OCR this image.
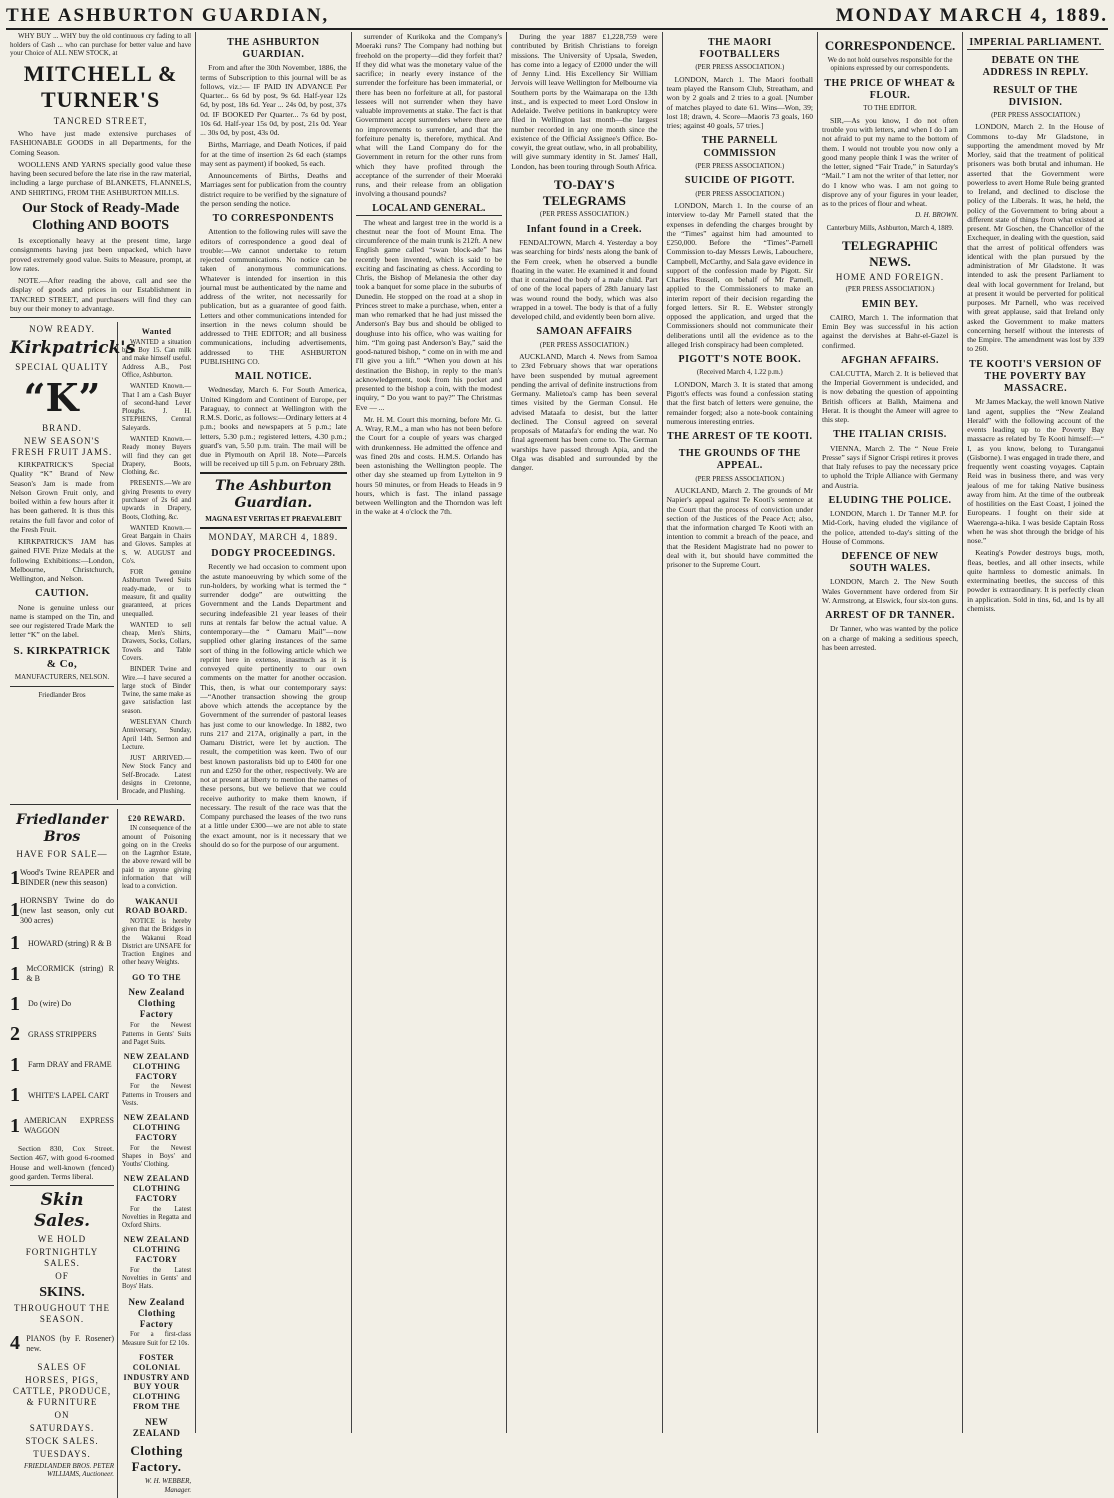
THE ASHBURTON GUARDIAN,	MONDAY MARCH 4, 1889.

WHY BUY ... WHY buy the old continuous cry fading to all holders of Cash ... who can purchase for better value and have your Choice of ALL NEW STOCK, at

MITCHELL & TURNER'S
TANCRED STREET,

Who have just made extensive purchases of FASHIONABLE GOODS in all Departments, for the Coming Season.

WOOLLENS AND YARNS specially good value these having been secured before the late rise in the raw material, including a large purchase of BLANKETS, FLANNELS, AND SHIRTING, FROM THE ASHBURTON MILLS.

Our Stock of Ready-Made Clothing AND BOOTS

Is exceptionally heavy at the present time, large consignments having just been unpacked, which have proved extremely good value. Suits to Measure, prompt, at low rates.

NOTE.—After reading the above, call and see the display of goods and prices in our Establishment in TANCRED STREET, and purchasers will find they can buy our their money to advantage.

NOW READY.
Kirkpatrick's
SPECIAL QUALITY
“K”
BRAND.
NEW SEASON'S FRESH FRUIT JAMS.

KIRKPATRICK'S Special Quality “K” Brand of New Season's Jam is made from Nelson Grown Fruit only, and boiled within a few hours after it has been gathered. It is thus this retains the full favor and color of the Fresh Fruit.

KIRKPATRICK'S JAM has gained FIVE Prize Medals at the following Exhibitions:—London, Melbourne, Christchurch, Wellington, and Nelson.

CAUTION.

None is genuine unless our name is stamped on the Tin, and see our registered Trade Mark the letter “K” on the label.

S. KIRKPATRICK & Co,
MANUFACTURERS, NELSON.
Friedlander Bros
Wanted

WANTED a situation by a Boy 15. Can milk and make himself useful. Address A.B., Post Office, Ashburton.

WANTED Known.—That I am a Cash Buyer of second-hand Lever Ploughs. J. H. STEPHENS, Central Saleyards.

WANTED Known.—Ready money Buyers will find they can get Drapery, Boots, Clothing, &c.

PRESENTS.—We are giving Presents to every purchaser of 2s 6d and upwards in Drapery, Boots, Clothing, &c.

WANTED Known.—Great Bargain in Chairs and Gloves. Samples at S. W. AUGUST and Co's.

FOR genuine Ashburton Tweed Suits ready-made, or to measure, fit and quality guaranteed, at prices unequalled.

WANTED to sell cheap, Men's Shirts, Drawers, Socks, Collars, Towels and Table Covers.

BINDER Twine and Wire.—I have secured a large stock of Binder Twine, the same make as gave satisfaction last season.

WESLEYAN Church Anniversary, Sunday, April 14th. Sermon and Lecture.

JUST ARRIVED.—New Stock Fancy and Self-Brocade. Latest designs in Cretonne, Brocade, and Plushing.

Friedlander Bros
HAVE FOR SALE—
1 Wood's Twine REAPER and BINDER (new this season)
1 HORNSBY Twine do do (new last season, only cut 300 acres)
1	HOWARD (string) R & B
1 McCORMICK (string) R & B
1	Do (wire) Do
2	GRASS STRIPPERS
1	Farm DRAY and FRAME
1	WHITE'S LAPEL CART
1 AMERICAN EXPRESS WAGGON

Section 830, Cox Street. Section 467, with good 6-roomed House and well-known (fenced) good garden. Terms liberal.

Skin Sales.
WE HOLD
FORTNIGHTLY SALES.
OF
SKINS.
THROUGHOUT THE SEASON.
4 PIANOS (by F. Rosener) new.
SALES OF
HORSES, PIGS, CATTLE, PRODUCE, & FURNITURE
ON
SATURDAYS.
STOCK SALES.
TUESDAYS.
FRIEDLANDER BROS. PETER WILLIAMS, Auctioneer.
£20 REWARD.

IN consequence of the amount of Poisoning going on in the Creeks on the Lagmhor Estate, the above reward will be paid to anyone giving information that will lead to a conviction.

WAKANUI ROAD BOARD.

NOTICE is hereby given that the Bridges in the Wakanui Road District are UNSAFE for Traction Engines and other heavy Weights.

GO TO THE
New Zealand Clothing Factory

For the Newest Patterns in Gents' Suits and Paget Suits.

NEW ZEALAND CLOTHING FACTORY

For the Newest Patterns in Trousers and Vests.

NEW ZEALAND CLOTHING FACTORY

For the Newest Shapes in Boys' and Youths' Clothing.

NEW ZEALAND CLOTHING FACTORY

For the Latest Novelties in Regatta and Oxford Shirts.

NEW ZEALAND CLOTHING FACTORY

For the Latest Novelties in Gents' and Boys' Hats.

New Zealand Clothing Factory

For a first-class Measure Suit for £2 10s.

FOSTER COLONIAL INDUSTRY AND BUY YOUR CLOTHING FROM THE
NEW ZEALAND
Clothing Factory.
W. H. WEBBER, Manager.
THE ASHBURTON GUARDIAN.

From and after the 30th November, 1886, the terms of Subscription to this journal will be as follows, viz.:— IF PAID IN ADVANCE Per Quarter... 6s 6d by post, 9s 6d. Half-year 12s 6d, by post, 18s 6d. Year ... 24s 0d, by post, 37s 0d. IF BOOKED Per Quarter... 7s 6d by post, 10s 6d. Half-year 15s 0d, by post, 21s 0d. Year ... 30s 0d, by post, 43s 0d.

Births, Marriage, and Death Notices, if paid for at the time of insertion 2s 6d each (stamps may sent as payment) if booked, 5s each.

Announcements of Births, Deaths and Marriages sent for publication from the country district require to be verified by the signature of the person sending the notice.

TO CORRESPONDENTS

Attention to the following rules will save the editors of correspondence a good deal of trouble:—We cannot undertake to return rejected communications. No notice can be taken of anonymous communications. Whatever is intended for insertion in this journal must be authenticated by the name and address of the writer, not necessarily for publication, but as a guarantee of good faith. Letters and other communications intended for insertion in the news column should be addressed to THE EDITOR; and all business communications, including advertisements, addressed to THE ASHBURTON PUBLISHING CO.

MAIL NOTICE.

Wednesday, March 6. For South America, United Kingdom and Continent of Europe, per Paraguay, to connect at Wellington with the R.M.S. Doric, as follows:—Ordinary letters at 4 p.m.; books and newspapers at 5 p.m.; late letters, 5.30 p.m.; registered letters, 4.30 p.m.; guard's van, 5.50 p.m. train. The mail will be due in Plymouth on April 18. Note—Parcels will be received up till 5 p.m. on February 28th.

The Ashburton Guardian.
MAGNA EST VERITAS ET PRAEVALEBIT
MONDAY, MARCH 4, 1889.
DODGY PROCEEDINGS.

Recently we had occasion to comment upon the astute manoeuvring by which some of the run-holders, by working what is termed the “ surrender dodge” are outwitting the Government and the Lands Department and securing indefeasible 21 year leases of their runs at rentals far below the actual value. A contemporary—the “ Oamaru Mail”—now supplied other glaring instances of the same sort of thing in the following article which we reprint here in extenso, inasmuch as it is conveyed quite pertinently to our own comments on the matter for another occasion. This, then, is what our contemporary says:—“Another transaction showing the group above which attends the acceptance by the Government of the surrender of pastoral leases has just come to our knowledge. In 1882, two runs 217 and 217A, originally a part, in the Oamaru District, were let by auction. The result, the competition was keen. Two of our best known pastoralists bid up to £400 for one run and £250 for the other, respectively. We are not at present at liberty to mention the names of these persons, but we believe that we could receive authority to make them known, if necessary. The result of the race was that the Company purchased the leases of the two runs at a little under £300—we are not able to state the exact amount, nor is it necessary that we should do so for the purpose of our argument.

surrender of Kurikoka and the Company's Moeraki runs? The Company had nothing but freehold on the property—did they forfeit that? If they did what was the monetary value of the sacrifice; in nearly every instance of the surrender the forfeiture has been immaterial, or there has been no forfeiture at all, for pastoral lessees will not surrender when they have valuable improvements at stake. The fact is that Government accept surrenders where there are no improvements to surrender, and that the forfeiture penalty is, therefore, mythical. And what will the Land Company do for the Government in return for the other runs from which they have profited through the acceptance of the surrender of their Moeraki runs, and their release from an obligation involving a thousand pounds?

LOCAL AND GENERAL.

The wheat and largest tree in the world is a chestnut near the foot of Mount Etna. The circumference of the main trunk is 212ft. A new English game called “swan block-ade” has recently been invented, which is said to be exciting and fascinating as chess. According to Chris, the Bishop of Melanesia the other day took a banquet for some place in the suburbs of Dunedin. He stopped on the road at a shop in Princes street to make a purchase, when, enter a man who remarked that he had just missed the Anderson's Bay bus and should be obliged to doughuse into his office, who was waiting for him. “I'm going past Anderson's Bay,” said the good-natured bishop, “ come on in with me and I'll give you a lift.” “When you down at his destination the Bishop, in reply to the man's acknowledgement, took from his pocket and presented to the bishop a coin, with the modest inquiry, “ Do you want to pay?” The Christmas Eve — ...

Mr. H. M. Court this morning, before Mr. G. A. Wray, R.M., a man who has not been before the Court for a couple of years was charged with drunkenness. He admitted the offence and was fined 20s and costs. H.M.S. Orlando has been astonishing the Wellington people. The other day she steamed up from Lyttelton in 9 hours 50 minutes, or from Heads to Heads in 9 hours, which is fast. The inland passage between Wellington and the Thorndon was left in the wake at 4 o'clock the 7th.

During the year 1887 £1,228,759 were contributed by British Christians to foreign missions. The University of Upsala, Sweden, has come into a legacy of £2000 under the will of Jenny Lind. His Excellency Sir William Jervois will leave Wellington for Melbourne via Southern ports by the Waimarapa on the 13th inst., and is expected to meet Lord Onslow in Adelaide. Twelve petitions in bankruptcy were filed in Wellington last month—the largest number recorded in any one month since the existence of the Official Assignee's Office. Bo-cowyit, the great outlaw, who, in all probability, will give summary identity in St. James' Hall, London, has been touring through South Africa.

TO-DAY'S TELEGRAMS
(PER PRESS ASSOCIATION.)
Infant found in a Creek.

FENDALTOWN, March 4. Yesterday a boy was searching for birds' nests along the bank of the Fern creek, when he observed a bundle floating in the water. He examined it and found that it contained the body of a male child. Part of one of the local papers of 28th January last was wound round the body, which was also wrapped in a towel. The body is that of a fully developed child, and evidently been born alive.

SAMOAN AFFAIRS
(PER PRESS ASSOCIATION.)

AUCKLAND, March 4. News from Samoa to 23rd February shows that war operations have been suspended by mutual agreement pending the arrival of definite instructions from Germany. Malietoa's camp has been several times visited by the German Consul. He advised Mataafa to desist, but the latter declined. The Consul agreed on several proposals of Mataafa's for ending the war. No final agreement has been come to. The German warships have passed through Apia, and the Olga was disabled and surrounded by the danger.

THE MAORI FOOTBALLERS
(PER PRESS ASSOCIATION.)

LONDON, March 1. The Maori football team played the Ransom Club, Streatham, and won by 2 goals and 2 tries to a goal. [Number of matches played to date 61. Wins—Won, 39; lost 18; drawn, 4. Score—Maoris 73 goals, 160 tries; against 40 goals, 57 tries.]

THE PARNELL COMMISSION
(PER PRESS ASSOCIATION.)
SUICIDE OF PIGOTT.
(PER PRESS ASSOCIATION.)

LONDON, March 1. In the course of an interview to-day Mr Parnell stated that the expenses in defending the charges brought by the “Times” against him had amounted to £250,000. Before the “Times”-Parnell Commission to-day Messrs Lewis, Labouchere, Campbell, McCarthy, and Sala gave evidence in support of the confession made by Pigott. Sir Charles Russell, on behalf of Mr Parnell, applied to the Commissioners to make an interim report of their decision regarding the forged letters. Sir R. E. Webster strongly opposed the application, and urged that the Commissioners should not communicate their deliberations until all the evidence as to the alleged Irish conspiracy had been completed.

PIGOTT'S NOTE BOOK.
(Received March 4, 1.22 p.m.)

LONDON, March 3. It is stated that among Pigott's effects was found a confession stating that the first batch of letters were genuine, the remainder forged; also a note-book containing numerous interesting entries.

THE ARREST OF TE KOOTI.
THE GROUNDS OF THE APPEAL.
(PER PRESS ASSOCIATION.)

AUCKLAND, March 2. The grounds of Mr Napier's appeal against Te Kooti's sentence at the Court that the process of conviction under section of the Justices of the Peace Act; also, that the information charged Te Kooti with an intention to commit a breach of the peace, and that the Resident Magistrate had no power to deal with it, but should have committed the prisoner to the Supreme Court.

CORRESPONDENCE.
We do not hold ourselves responsible for the opinions expressed by our correspondents.
THE PRICE OF WHEAT & FLOUR.
TO THE EDITOR.

SIR,—As you know, I do not often trouble you with letters, and when I do I am not afraid to put my name to the bottom of them. I would not trouble you now only a good many people think I was the writer of the letter, signed “Fair Trade,” in Saturday's “Mail.” I am not the writer of that letter, nor do I know who was. I am not going to disprove any of your figures in your leader, as to the prices of flour and wheat.

D. H. BROWN.
Canterbury Mills, Ashburton, March 4, 1889.
TELEGRAPHIC NEWS.
HOME AND FOREIGN.
(PER PRESS ASSOCIATION.)
EMIN BEY.

CAIRO, March 1. The information that Emin Bey was successful in his action against the dervishes at Bahr-el-Gazel is confirmed.

AFGHAN AFFAIRS.

CALCUTTA, March 2. It is believed that the Imperial Government is undecided, and is now debating the question of appointing British officers at Balkh, Maimena and Herat. It is thought the Ameer will agree to this step.

THE ITALIAN CRISIS.

VIENNA, March 2. The “ Neue Freie Presse” says if Signor Crispi retires it proves that Italy refuses to pay the necessary price to uphold the Triple Alliance with Germany and Austria.

ELUDING THE POLICE.

LONDON, March 1. Dr Tanner M.P. for Mid-Cork, having eluded the vigilance of the police, attended to-day's sitting of the House of Commons.

DEFENCE OF NEW SOUTH WALES.

LONDON, March 2. The New South Wales Government have ordered from Sir W. Armstrong, at Elswick, four six-ton guns.

ARREST OF DR TANNER.

Dr Tanner, who was wanted by the police on a charge of making a seditious speech, has been arrested.

IMPERIAL PARLIAMENT.
DEBATE ON THE ADDRESS IN REPLY.
RESULT OF THE DIVISION.
(PER PRESS ASSOCIATION.)

LONDON, March 2. In the House of Commons to-day Mr Gladstone, in supporting the amendment moved by Mr Morley, said that the treatment of political prisoners was both brutal and inhuman. He asserted that the Government were powerless to avert Home Rule being granted to Ireland, and declined to disclose the policy of the Liberals. It was, he held, the policy of the Government to bring about a different state of things from what existed at present. Mr Goschen, the Chancellor of the Exchequer, in dealing with the question, said that the arrest of political offenders was identical with the plan pursued by the administration of Mr Gladstone. It was intended to ask the present Parliament to deal with local government for Ireland, but at present it would be perverted for political purposes. Mr Parnell, who was received with great applause, said that Ireland only asked the Government to make matters concerning herself without the interests of the Empire. The amendment was lost by 339 to 260.

TE KOOTI'S VERSION OF THE POVERTY BAY MASSACRE.

Mr James Mackay, the well known Native land agent, supplies the “New Zealand Herald” with the following account of the events leading up to the Poverty Bay massacre as related by Te Kooti himself:—“ I, as you know, belong to Turanganui (Gisborne). I was engaged in trade there, and frequently went coasting voyages. Captain Reid was in business there, and was very jealous of me for taking Native business away from him. At the time of the outbreak of hostilities on the East Coast, I joined the Europeans. I fought on their side at Waerenga-a-hika. I was beside Captain Ross when he was shot through the bridge of his nose.”

Keating's Powder destroys bugs, moth, fleas, beetles, and all other insects, while quite harmless to domestic animals. In exterminating beetles, the success of this powder is extraordinary. It is perfectly clean in application. Sold in tins, 6d, and 1s by all chemists.
